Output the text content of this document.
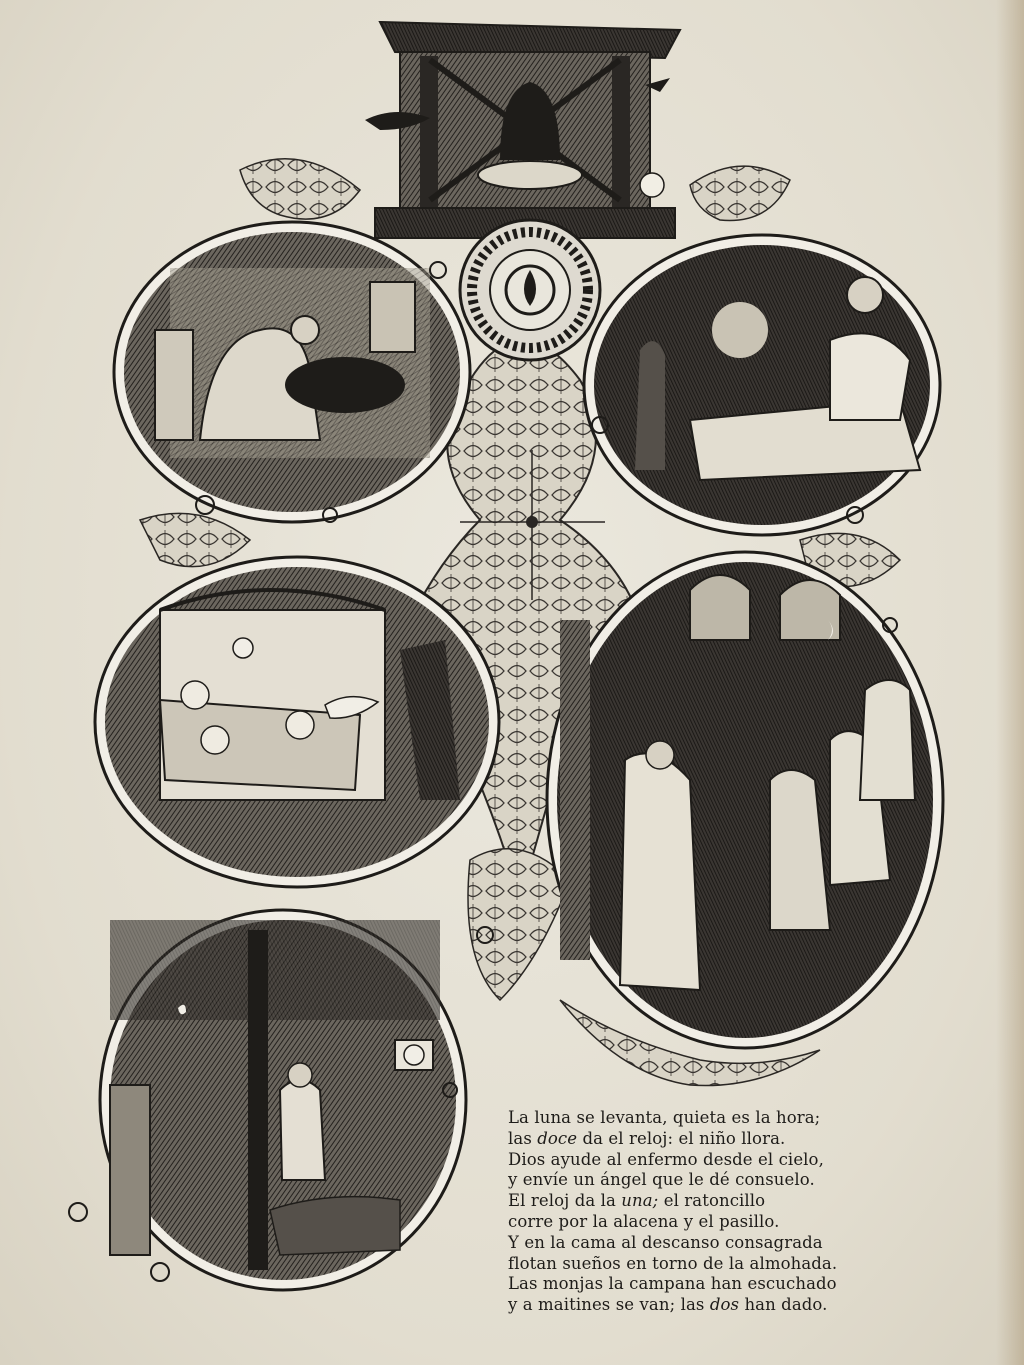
La luna se levanta, quieta es la hora;
las doce da el reloj: el niño llora.
Dios ayude al enfermo desde el cielo,
y envíe un ángel que le dé consuelo.
El reloj da la una; el ratoncillo
corre por la alacena y el pasillo.
Y en la cama al descanso consagrada
flotan sueños en torno de la almohada.
Las monjas la campana han escuchado
y a maitines se van; las dos han dado.
